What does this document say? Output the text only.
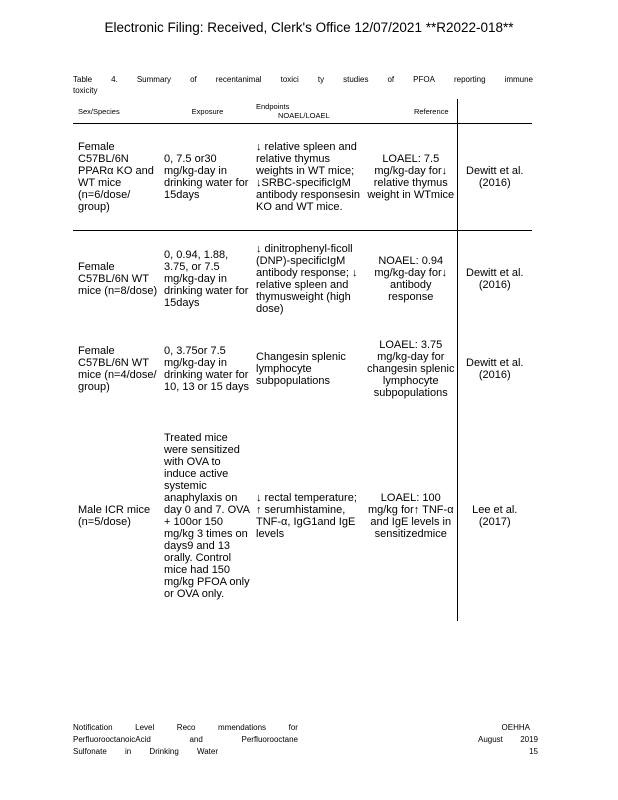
Electronic Filing: Received, Clerk's Office 12/07/2021 **R2022-018**
Table 4. Summary of recentanimal toxici ty studies of PFOA reporting immune
toxicity
Sex/Species	Exposure	Endpoints NOAEL/LOAEL	Reference	
Female C57BL/6N PPARα KO and WT mice (n=6/dose/ group)	0, 7.5 or30 mg/kg-day in drinking water for 15days	↓ relative spleen and relative thymus weights in WT mice; ↓SRBC-specificIgM antibody responsesin KO and WT mice.	LOAEL: 7.5 mg/kg-day for↓ relative thymus weight in WTmice	Dewitt et al. (2016)
Female C57BL/6N WT mice (n=8/dose)	0, 0.94, 1.88, 3.75, or 7.5 mg/kg-day in drinking water for 15days	↓ dinitrophenyl-ficoll (DNP)-specificIgM antibody response; ↓ relative spleen and thymusweight (high dose)	NOAEL: 0.94 mg/kg-day for↓ antibody response	Dewitt et al. (2016)
Female C57BL/6N WT mice (n=4/dose/ group)	0, 3.75or 7.5 mg/kg-day in drinking water for 10, 13 or 15 days	Changesin splenic lymphocyte subpopulations	LOAEL: 3.75 mg/kg-day for changesin splenic lymphocyte subpopulations	Dewitt et al. (2016)
Male ICR mice (n=5/dose)	Treated mice were sensitized with OVA to induce active systemic anaphylaxis on day 0 and 7. OVA + 100or 150 mg/kg 3 times on days9 and 13 orally. Control mice had 150 mg/kg PFOA only or OVA only.	↓ rectal temperature; ↑ serumhistamine, TNF-α, IgG1and IgE levels	LOAEL: 100 mg/kg for↑ TNF-α and IgE levels in sensitizedmice	Lee et al. (2017)
Notification	Level	Reco	mmendations	for	OEHHA
PerfluorooctanoicAcid	and	Perfluorooctane	August 2019
Sulfonate in Drinking Water	15
